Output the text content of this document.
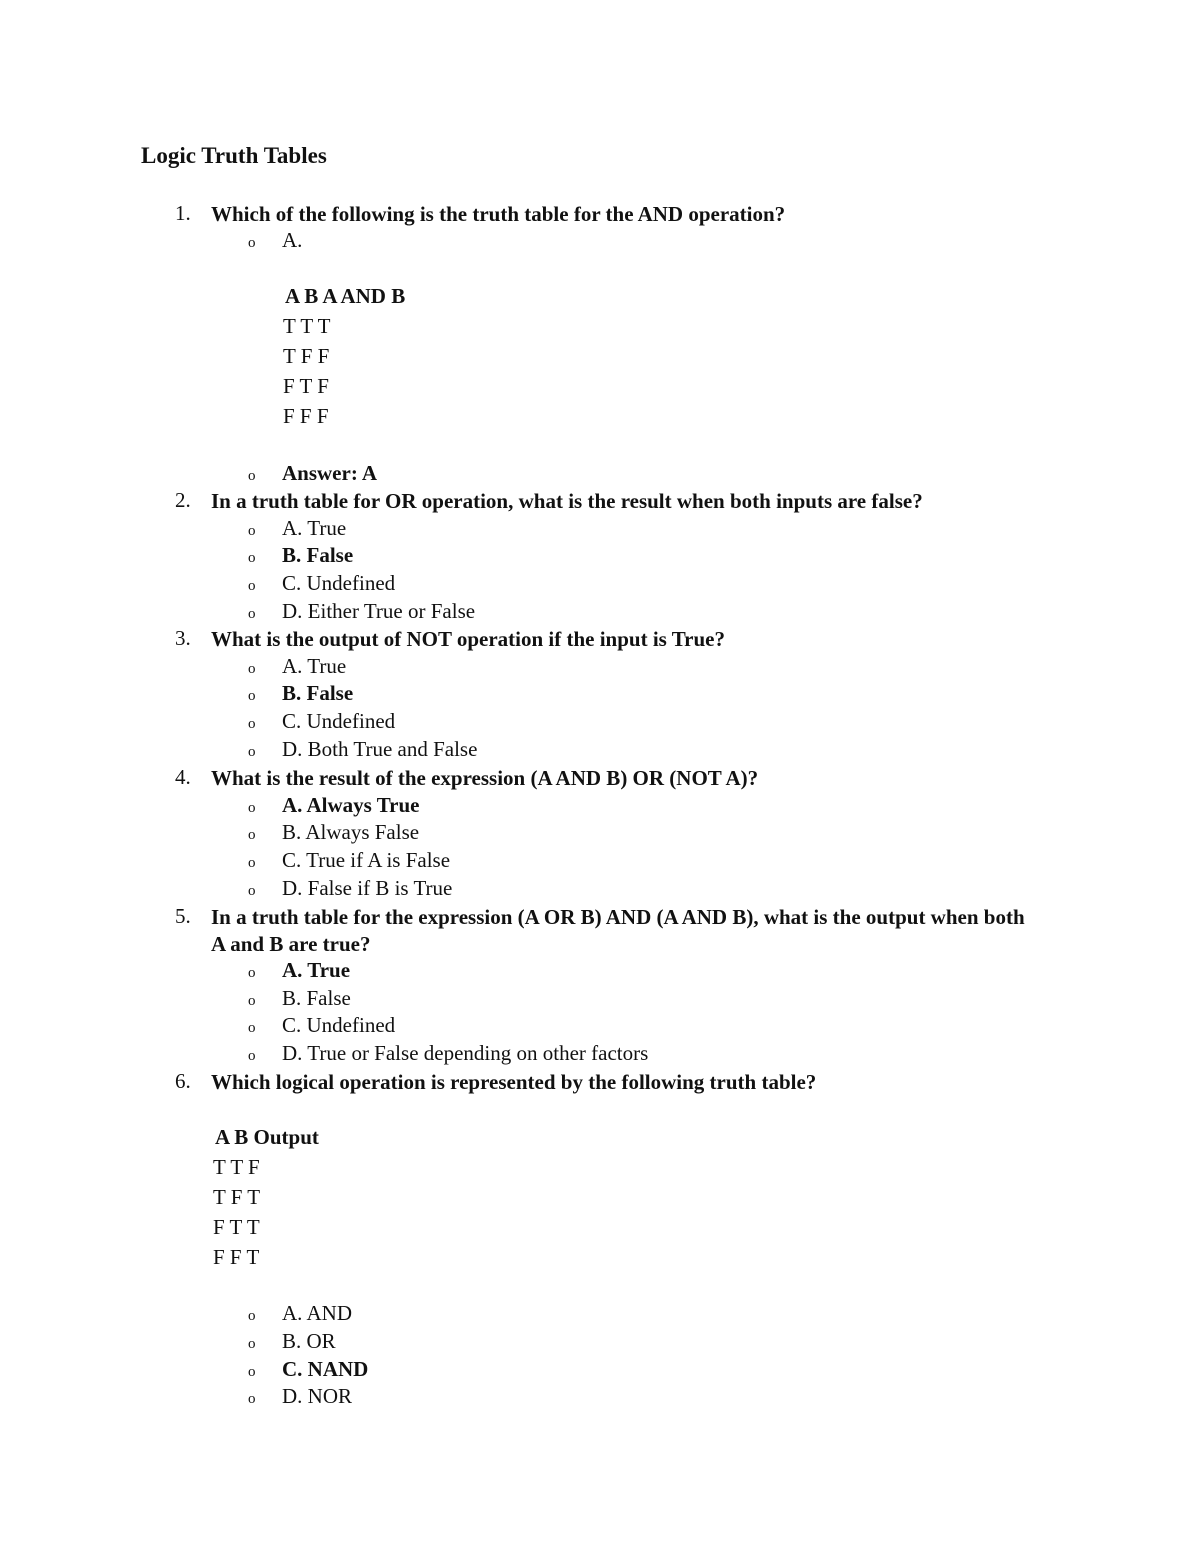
Logic Truth Tables
1. Which of the following is the truth table for the AND operation?
o A.
A B A AND B
T T T
T F F
F T F
F F F
o Answer: A
2. In a truth table for OR operation, what is the result when both inputs are false?
o A. True
o B. False
o C. Undefined
o D. Either True or False
3. What is the output of NOT operation if the input is True?
o A. True
o B. False
o C. Undefined
o D. Both True and False
4. What is the result of the expression (A AND B) OR (NOT A)?
o A. Always True
o B. Always False
o C. True if A is False
o D. False if B is True
5. In a truth table for the expression (A OR B) AND (A AND B), what is the output when both A and B are true?
o A. True
o B. False
o C. Undefined
o D. True or False depending on other factors
6. Which logical operation is represented by the following truth table?
A B Output
T T F
T F T
F T T
F F T
o A. AND
o B. OR
o C. NAND
o D. NOR
